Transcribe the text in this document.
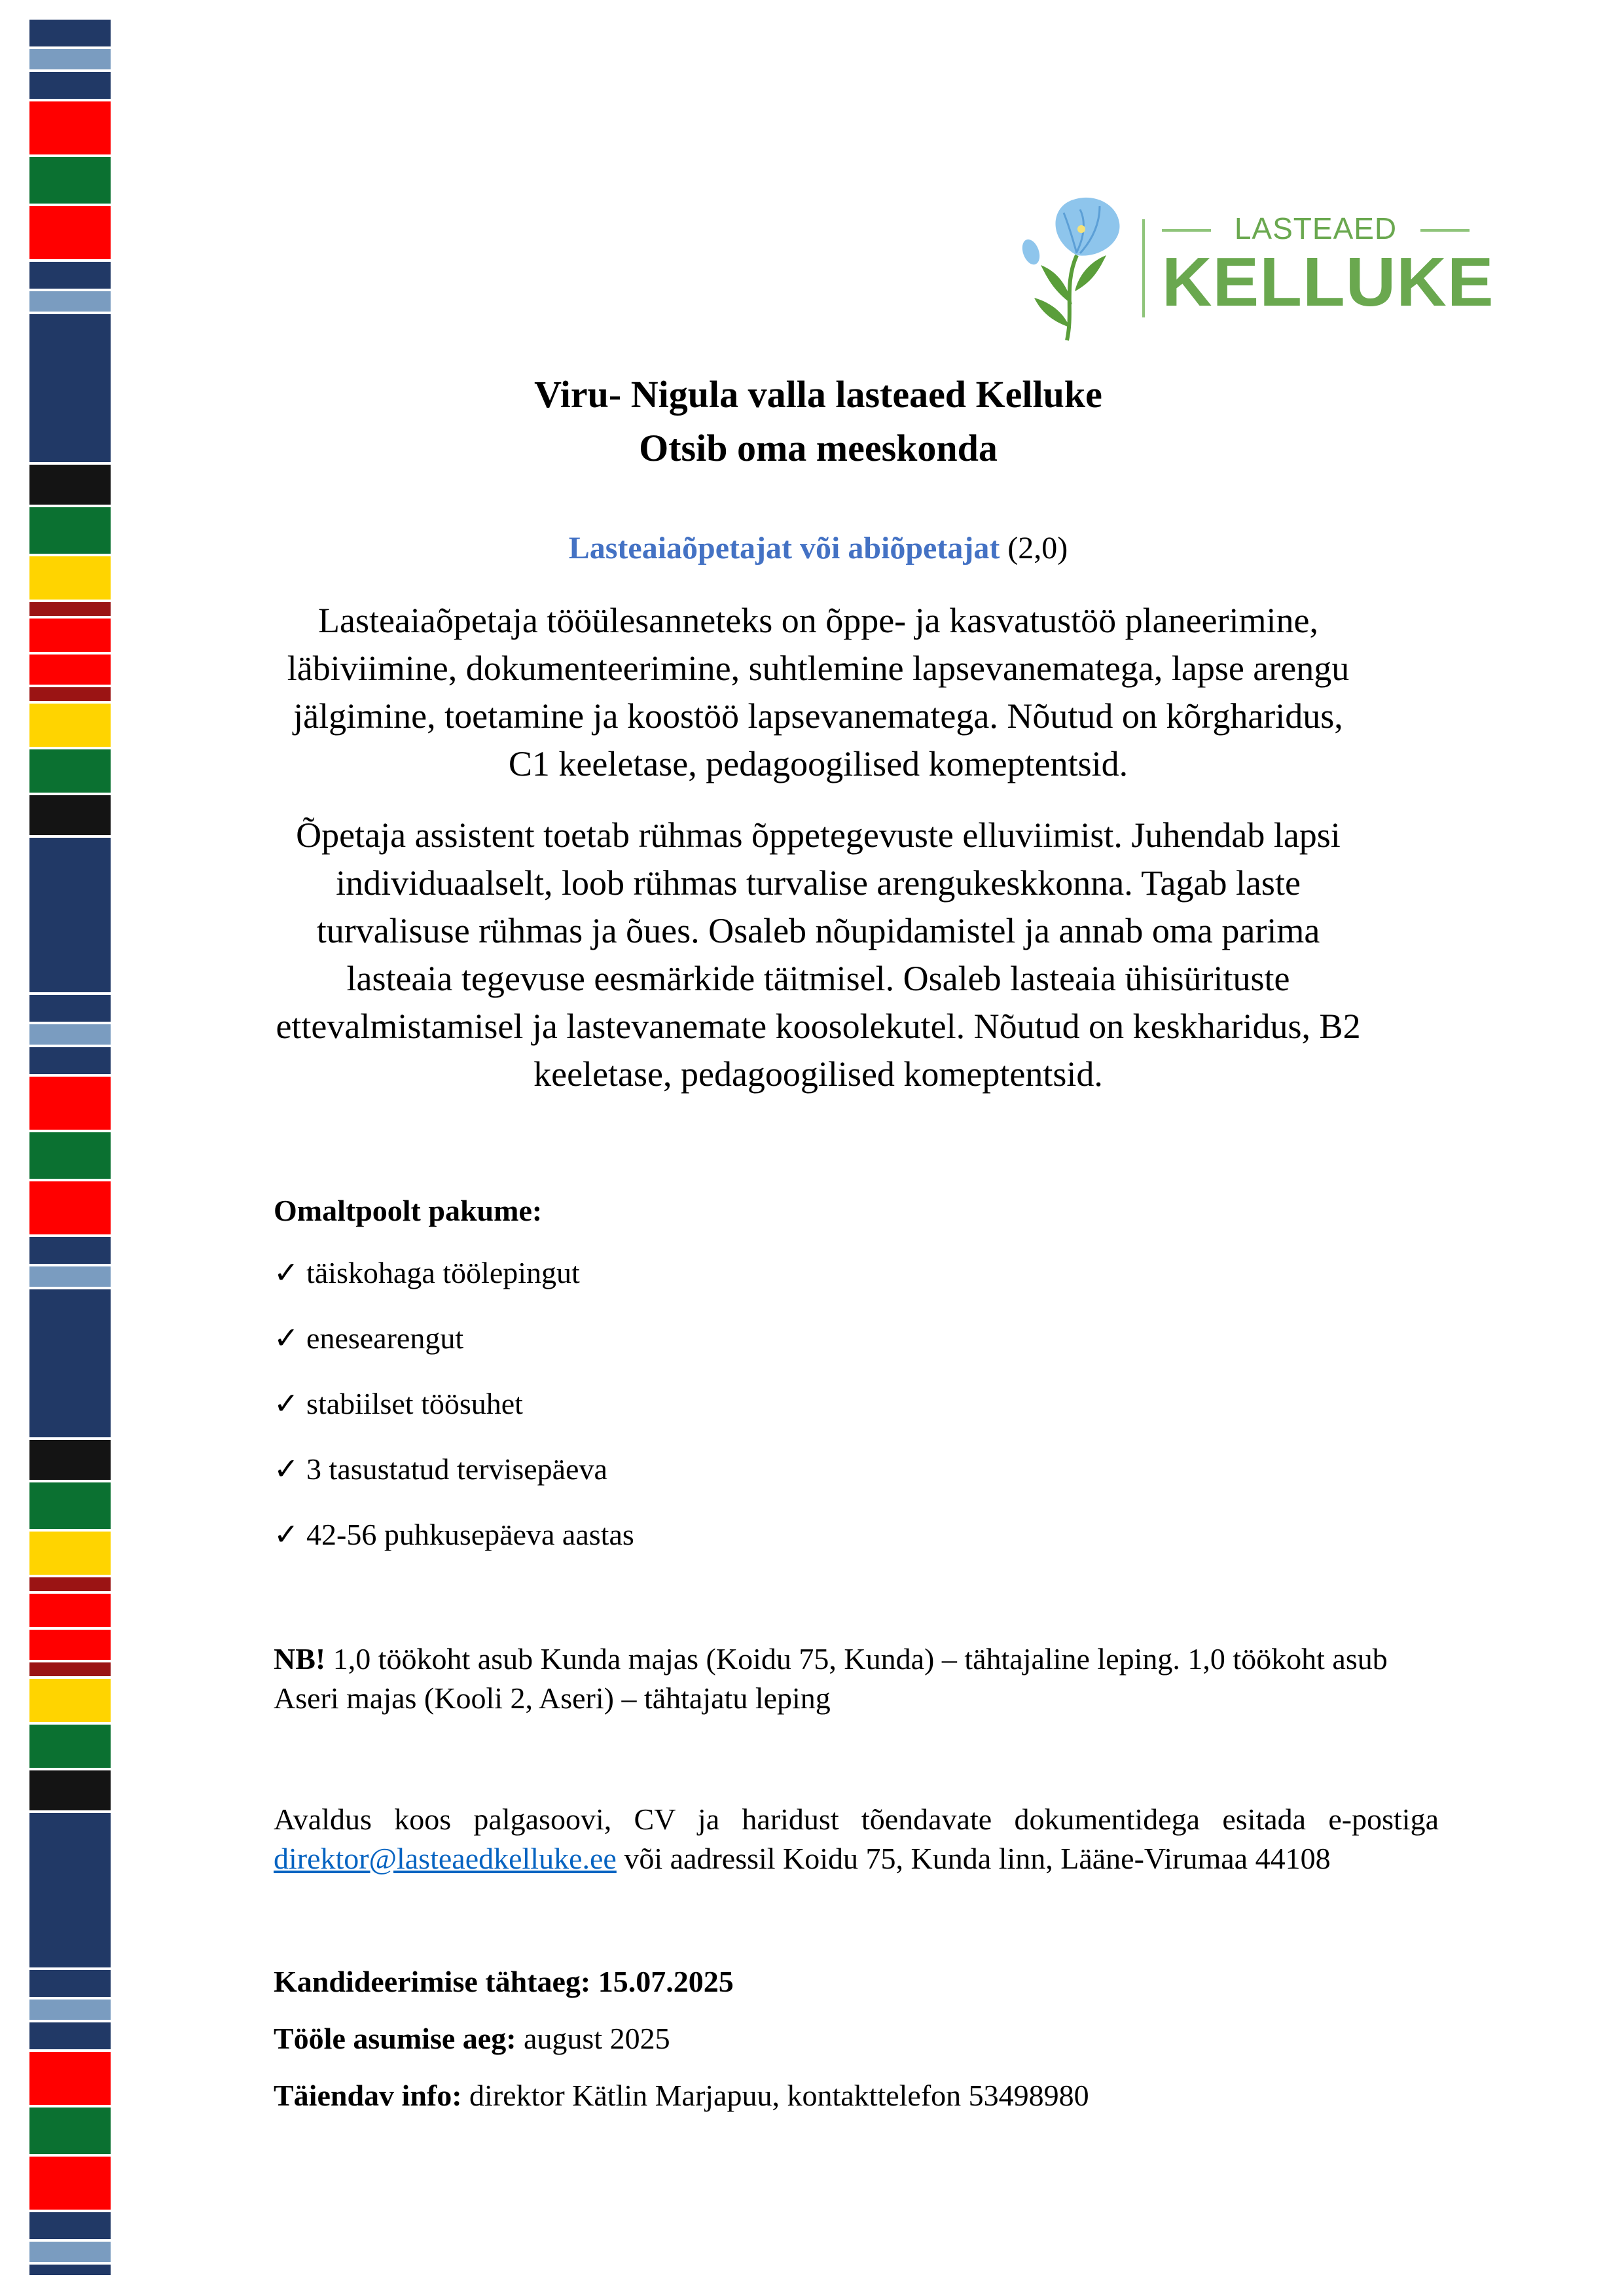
LASTEAED
KELLUKE
Viru- Nigula valla lasteaed Kelluke
Otsib oma meeskonda
Lasteaiaõpetajat või abiõpetajat (2,0)

Lasteaiaõpetaja tööülesanneteks on õppe- ja kasvatustöö planeerimine, läbiviimine, dokumenteerimine, suhtlemine lapsevanematega, lapse arengu jälgimine, toetamine ja koostöö lapsevanematega. Nõutud on kõrgharidus, C1 keeletase, pedagoogilised komeptentsid.

Õpetaja assistent toetab rühmas õppetegevuste elluviimist. Juhendab lapsi individuaalselt, loob rühmas turvalise arengukeskkonna. Tagab laste turvalisuse rühmas ja õues. Osaleb nõupidamistel ja annab oma parima lasteaia tegevuse eesmärkide täitmisel. Osaleb lasteaia ühisürituste ettevalmistamisel ja lastevanemate koosolekutel. Nõutud on keskharidus, B2 keeletase, pedagoogilised komeptentsid.

Omaltpoolt pakume:
✓ täiskohaga töölepingut
✓ enesearengut
✓ stabiilset töösuhet
✓ 3 tasustatud tervisepäeva
✓ 42-56 puhkusepäeva aastas
NB! 1,0 töökoht asub Kunda majas (Koidu 75, Kunda) – tähtajaline leping. 1,0 töökoht asub Aseri majas (Kooli 2, Aseri) – tähtajatu leping
Avaldus koos palgasoovi, CV ja haridust tõendavate dokumentidega esitada e-postiga direktor@lasteaedkelluke.ee või aadressil Koidu 75, Kunda linn, Lääne-Virumaa 44108
Kandideerimise tähtaeg: 15.07.2025
Tööle asumise aeg: august 2025
Täiendav info: direktor Kätlin Marjapuu, kontakttelefon 53498980
